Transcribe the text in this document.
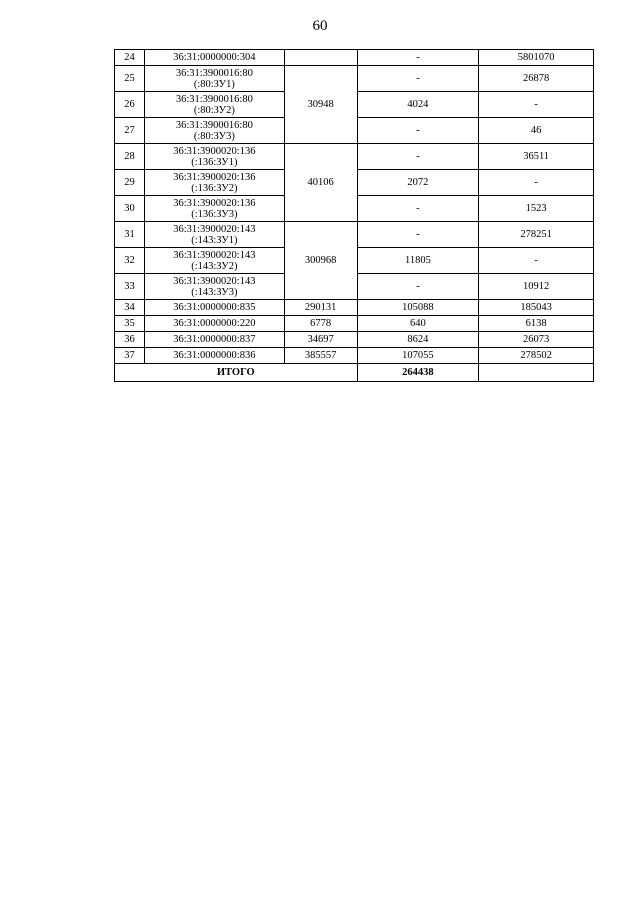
60
24	36:31:0000000:304		-	5801070
25	36:31:3900016:80
(:80:ЗУ1)	30948	-	26878
26	36:31:3900016:80
(:80:ЗУ2)		4024	-
27	36:31:3900016:80
(:80:ЗУ3)		-	46
28	36:31:3900020:136
(:136:ЗУ1)	40106	-	36511
29	36:31:3900020:136
(:136:ЗУ2)		2072	-
30	36:31:3900020:136
(:136:ЗУ3)		-	1523
31	36:31:3900020:143
(:143:ЗУ1)	300968	-	278251
32	36:31:3900020:143
(:143:ЗУ2)		11805	-
33	36:31:3900020:143
(:143:ЗУ3)		-	10912
34	36:31:0000000:835	290131	105088	185043
35	36:31:0000000:220	6778	640	6138
36	36:31:0000000:837	34697	8624	26073
37	36:31:0000000:836	385557	107055	278502
ИТОГО			264438	
